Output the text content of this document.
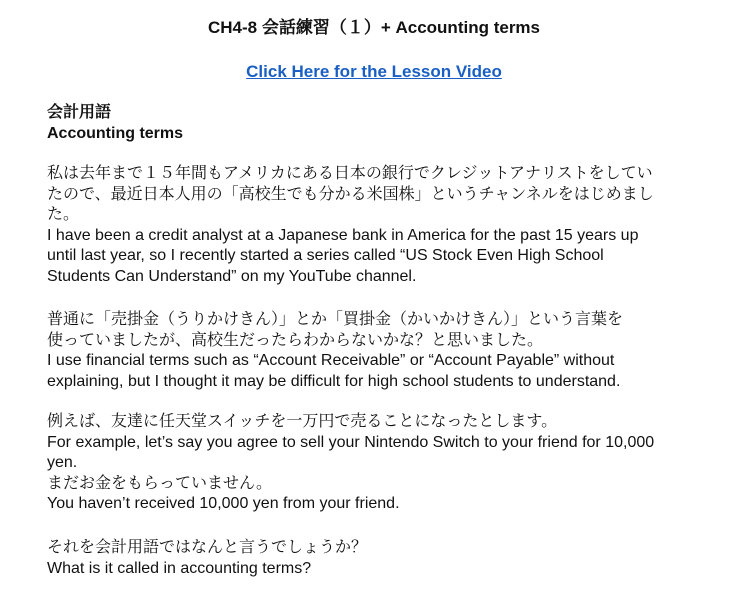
CH4-8 会話練習（１）+ Accounting terms
Click Here for the Lesson Video
会計用語
Accounting terms
私は去年まで１５年間もアメリカにある日本の銀行でクレジットアナリストをしてい
たので、最近日本人用の「高校生でも分かる米国株」というチャンネルをはじめまし
た。
I have been a credit analyst at a Japanese bank in America for the past 15 years up
until last year, so I recently started a series called “US Stock Even High School
Students Can Understand” on my YouTube channel.
普通に「売掛金（うりかけきん）」とか「買掛金（かいかけきん）」という言葉を
使っていましたが、高校生だったらわからないかな？と思いました。
I use financial terms such as “Account Receivable” or “Account Payable” without
explaining, but I thought it may be difficult for high school students to understand.
例えば、友達に任天堂スイッチを一万円で売ることになったとします。
For example, let’s say you agree to sell your Nintendo Switch to your friend for 10,000
yen.
まだお金をもらっていません。
You haven’t received 10,000 yen from your friend.
それを会計用語ではなんと言うでしょうか？
What is it called in accounting terms?
